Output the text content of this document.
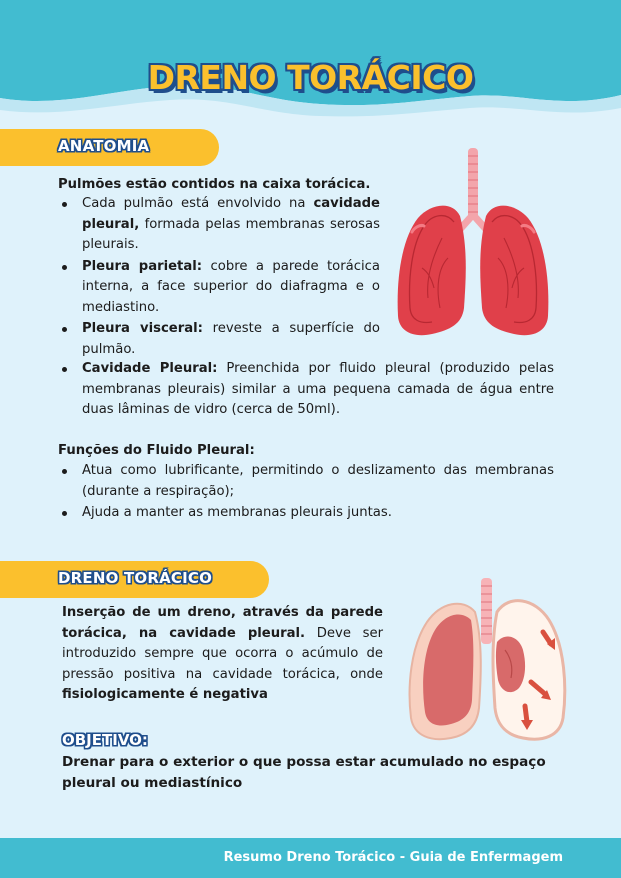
DRENO TORÁCICO
ANATOMIA
Pulmões estão contidos na caixa torácica.
Cada pulmão está envolvido na cavidade pleural, formada pelas membranas serosas pleurais.
Pleura parietal: cobre a parede torácica interna, a face superior do diafragma e o mediastino.
Pleura visceral: reveste a superfície do pulmão.
Cavidade Pleural: Preenchida por fluido pleural (produzido pelas membranas pleurais) similar a uma pequena camada de água entre duas lâminas de vidro (cerca de 50ml).
Funções do Fluido Pleural:
Atua como lubrificante, permitindo o deslizamento das membranas (durante a respiração);
Ajuda a manter as membranas pleurais juntas.
DRENO TORÁCICO
Inserção de um dreno, através da parede torácica, na cavidade pleural. Deve ser introduzido sempre que ocorra o acúmulo de pressão positiva na cavidade torácica, onde fisiologicamente é negativa
OBJETIVO:
Drenar para o exterior o que possa estar acumulado no espaço pleural ou mediastínico
Resumo Dreno Torácico - Guia de Enfermagem
